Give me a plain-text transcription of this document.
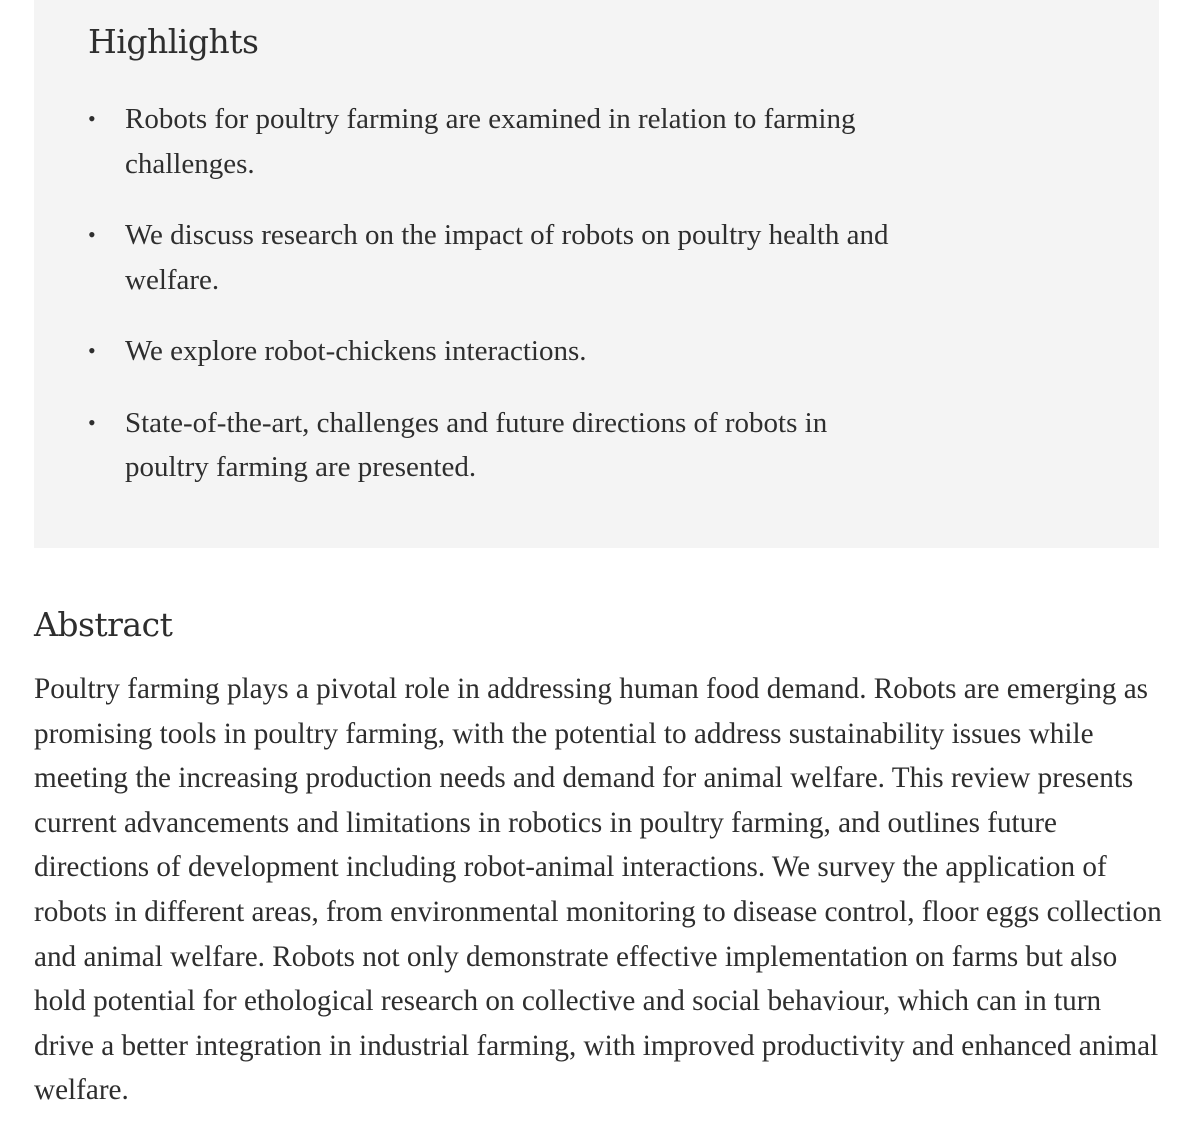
Highlights
• Robots for poultry farming are examined in relation to farming challenges.
• We discuss research on the impact of robots on poultry health and welfare.
• We explore robot-chickens interactions.
• State-of-the-art, challenges and future directions of robots in poultry farming are presented.
Abstract

Poultry farming plays a pivotal role in addressing human food demand. Robots are emerging as promising tools in poultry farming, with the potential to address sustainability issues while meeting the increasing production needs and demand for animal welfare. This review presents current advancements and limitations in robotics in poultry farming, and outlines future directions of development including robot-animal interactions. We survey the application of robots in different areas, from environmental monitoring to disease control, floor eggs collection and animal welfare. Robots not only demonstrate effective implementation on farms but also hold potential for ethological research on collective and social behaviour, which can in turn drive a better integration in industrial farming, with improved productivity and enhanced animal welfare.
